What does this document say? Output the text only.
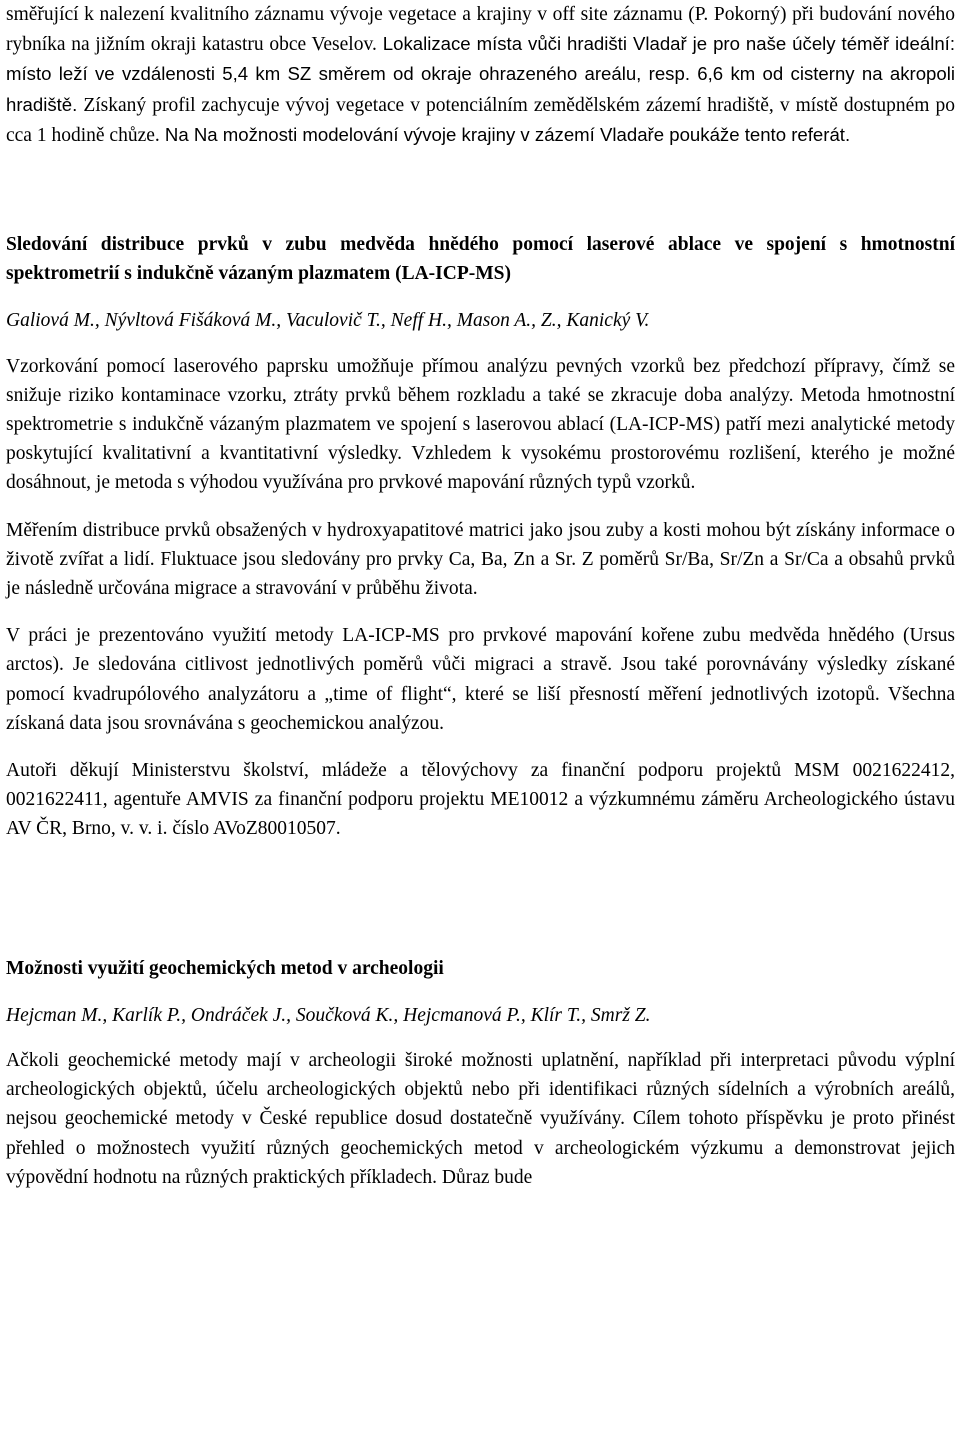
směřující k nalezení kvalitního záznamu vývoje vegetace a krajiny v off site záznamu (P. Pokorný) při budování nového rybníka na jižním okraji katastru obce Veselov. Lokalizace místa vůči hradišti Vladař je pro naše účely téměř ideální: místo leží ve vzdálenosti 5,4 km SZ směrem od okraje ohrazeného areálu, resp. 6,6 km od cisterny na akropoli hradiště. Získaný profil zachycuje vývoj vegetace v potenciálním zemědělském zázemí hradiště, v místě dostupném po cca 1 hodině chůze. Na Na možnosti modelování vývoje krajiny v zázemí Vladaře poukáže tento referát.

Sledování distribuce prvků v zubu medvěda hnědého pomocí laserové ablace ve spojení s hmotnostní spektrometrií s indukčně vázaným plazmatem (LA-ICP-MS)

Galiová M., Nývltová Fišáková M., Vaculovič T., Neff H., Mason A., Z., Kanický V.

Vzorkování pomocí laserového paprsku umožňuje přímou analýzu pevných vzorků bez předchozí přípravy, čímž se snižuje riziko kontaminace vzorku, ztráty prvků během rozkladu a také se zkracuje doba analýzy. Metoda hmotnostní spektrometrie s indukčně vázaným plazmatem ve spojení s laserovou ablací (LA-ICP-MS) patří mezi analytické metody poskytující kvalitativní a kvantitativní výsledky. Vzhledem k vysokému prostorovému rozlišení, kterého je možné dosáhnout, je metoda s výhodou využívána pro prvkové mapování různých typů vzorků.

Měřením distribuce prvků obsažených v hydroxyapatitové matrici jako jsou zuby a kosti mohou být získány informace o životě zvířat a lidí. Fluktuace jsou sledovány pro prvky Ca, Ba, Zn a Sr. Z poměrů Sr/Ba, Sr/Zn a Sr/Ca a obsahů prvků je následně určována migrace a stravování v průběhu života.

V práci je prezentováno využití metody LA-ICP-MS pro prvkové mapování kořene zubu medvěda hnědého (Ursus arctos). Je sledována citlivost jednotlivých poměrů vůči migraci a stravě. Jsou také porovnávány výsledky získané pomocí kvadrupólového analyzátoru a „time of flight“, které se liší přesností měření jednotlivých izotopů. Všechna získaná data jsou srovnávána s geochemickou analýzou.

Autoři děkují Ministerstvu školství, mládeže a tělovýchovy za finanční podporu projektů MSM 0021622412, 0021622411, agentuře AMVIS za finanční podporu projektu ME10012 a výzkumnému záměru Archeologického ústavu AV ČR, Brno, v. v. i. číslo AVoZ80010507.

Možnosti využití geochemických metod v archeologii

Hejcman M., Karlík P., Ondráček J., Součková K., Hejcmanová P., Klír T., Smrž Z.

Ačkoli geochemické metody mají v archeologii široké možnosti uplatnění, například při interpretaci původu výplní archeologických objektů, účelu archeologických objektů nebo při identifikaci různých sídelních a výrobních areálů, nejsou geochemické metody v České republice dosud dostatečně využívány. Cílem tohoto příspěvku je proto přinést přehled o možnostech využití různých geochemických metod v archeologickém výzkumu a demonstrovat jejich výpovědní hodnotu na různých praktických příkladech. Důraz bude
